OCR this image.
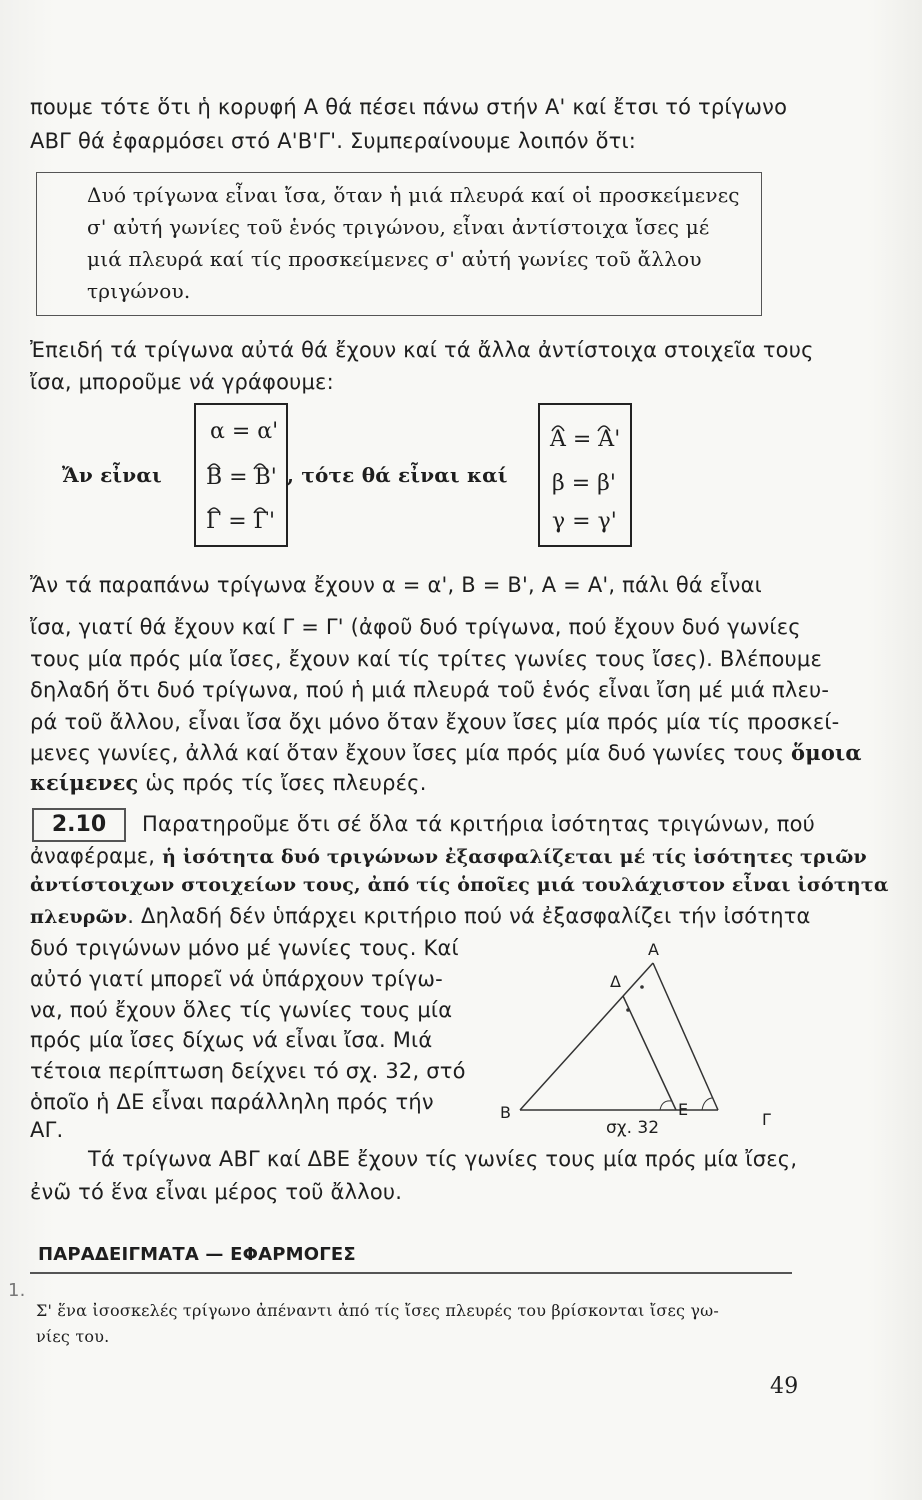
πουμε τότε ὅτι ἡ κορυφή Α θά πέσει πάνω στήν Α' καί ἔτσι τό τρίγωνο
ΑΒΓ θά ἐφαρμόσει στό Α'Β'Γ'. Συμπεραίνουμε λοιπόν ὅτι:
Δυό τρίγωνα εἶναι ἴσα, ὅταν ἡ μιά πλευρά καί οἱ προσκείμενες
σ' αὐτή γωνίες τοῦ ἑνός τριγώνου, εἶναι ἀντίστοιχα ἴσες μέ
μιά πλευρά καί τίς προσκείμενες σ' αὐτή γωνίες τοῦ ἄλλου
τριγώνου.
Ἐπειδή τά τρίγωνα αὐτά θά ἔχουν καί τά ἄλλα ἀντίστοιχα στοιχεῖα τους
ἴσα, μποροῦμε νά γράφουμε:
Ἄν εἶναι
α = α'
B = B'
Γ = Γ'
, τότε θά εἶναι καί
A = A'
β = β'
γ = γ'
Ἄν τά παραπάνω τρίγωνα ἔχουν α = α', B = B', A = A', πάλι θά εἶναι
ἴσα, γιατί θά ἔχουν καί Γ = Γ' (ἀφοῦ δυό τρίγωνα, πού ἔχουν δυό γωνίες
τους μία πρός μία ἴσες, ἔχουν καί τίς τρίτες γωνίες τους ἴσες). Βλέπουμε
δηλαδή ὅτι δυό τρίγωνα, πού ἡ μιά πλευρά τοῦ ἑνός εἶναι ἴση μέ μιά πλευ-
ρά τοῦ ἄλλου, εἶναι ἴσα ὄχι μόνο ὅταν ἔχουν ἴσες μία πρός μία τίς προσκεί-
μενες γωνίες, ἀλλά καί ὅταν ἔχουν ἴσες μία πρός μία δυό γωνίες τους ὅμοια
κείμενες ὡς πρός τίς ἴσες πλευρές.
2.10	Παρατηροῦμε ὅτι σέ ὅλα τά κριτήρια ἰσότητας τριγώνων, πού
ἀναφέραμε, ἡ ἰσότητα δυό τριγώνων ἐξασφαλίζεται μέ τίς ἰσότητες τριῶν
ἀντίστοιχων στοιχείων τους, ἀπό τίς ὁποῖες μιά τουλάχιστον εἶναι ἰσότητα
πλευρῶν. Δηλαδή δέν ὑπάρχει κριτήριο πού νά ἐξασφαλίζει τήν ἰσότητα
δυό τριγώνων μόνο μέ γωνίες τους. Καί
αὐτό γιατί μπορεῖ νά ὑπάρχουν τρίγω-
να, πού ἔχουν ὅλες τίς γωνίες τους μία
πρός μία ἴσες δίχως νά εἶναι ἴσα. Μιά
τέτοια περίπτωση δείχνει τό σχ. 32, στό
ὁποῖο ἡ ΔΕ εἶναι παράλληλη πρός τήν
ΑΓ.
Α
Β	Γ
Δ
Ε
σχ. 32
Τά τρίγωνα ΑΒΓ καί ΔΒΕ ἔχουν τίς γωνίες τους μία πρός μία ἴσες,
ἐνῶ τό ἕνα εἶναι μέρος τοῦ ἄλλου.
ΠΑΡΑΔΕΙΓΜΑΤΑ — ΕΦΑΡΜΟΓΕΣ
1.
Σ' ἕνα ἰσοσκελές τρίγωνο ἀπέναντι ἀπό τίς ἴσες πλευρές του βρίσκονται ἴσες γω-
νίες του.
49
